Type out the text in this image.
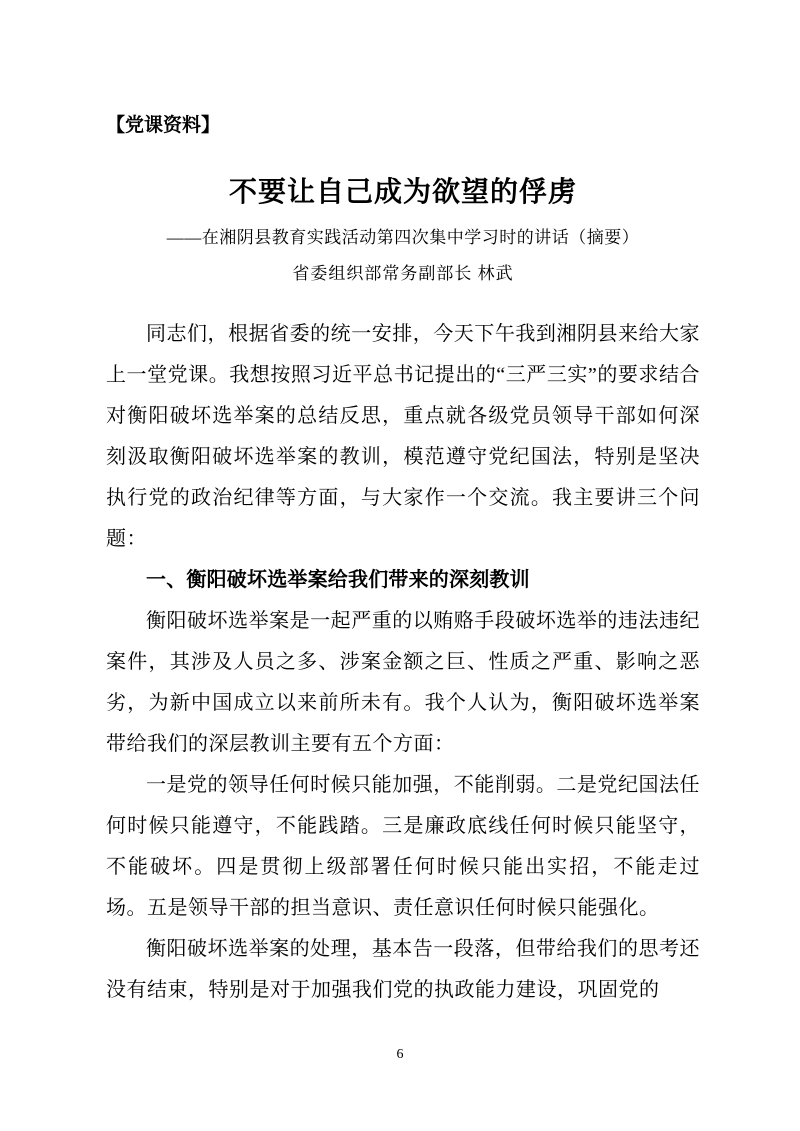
【党课资料】
不要让自己成为欲望的俘虏
——在湘阴县教育实践活动第四次集中学习时的讲话（摘要）
省委组织部常务副部长 林武

同志们，根据省委的统一安排，今天下午我到湘阴县来给大家上一堂党课。我想按照习近平总书记提出的“三严三实”的要求结合对衡阳破坏选举案的总结反思，重点就各级党员领导干部如何深刻汲取衡阳破坏选举案的教训，模范遵守党纪国法，特别是坚决执行党的政治纪律等方面，与大家作一个交流。我主要讲三个问题：

一、衡阳破坏选举案给我们带来的深刻教训

衡阳破坏选举案是一起严重的以贿赂手段破坏选举的违法违纪案件，其涉及人员之多、涉案金额之巨、性质之严重、影响之恶劣，为新中国成立以来前所未有。我个人认为，衡阳破坏选举案带给我们的深层教训主要有五个方面：

一是党的领导任何时候只能加强，不能削弱。二是党纪国法任何时候只能遵守，不能践踏。三是廉政底线任何时候只能坚守，不能破坏。四是贯彻上级部署任何时候只能出实招，不能走过场。五是领导干部的担当意识、责任意识任何时候只能强化。

衡阳破坏选举案的处理，基本告一段落，但带给我们的思考还没有结束，特别是对于加强我们党的执政能力建设，巩固党的

6
